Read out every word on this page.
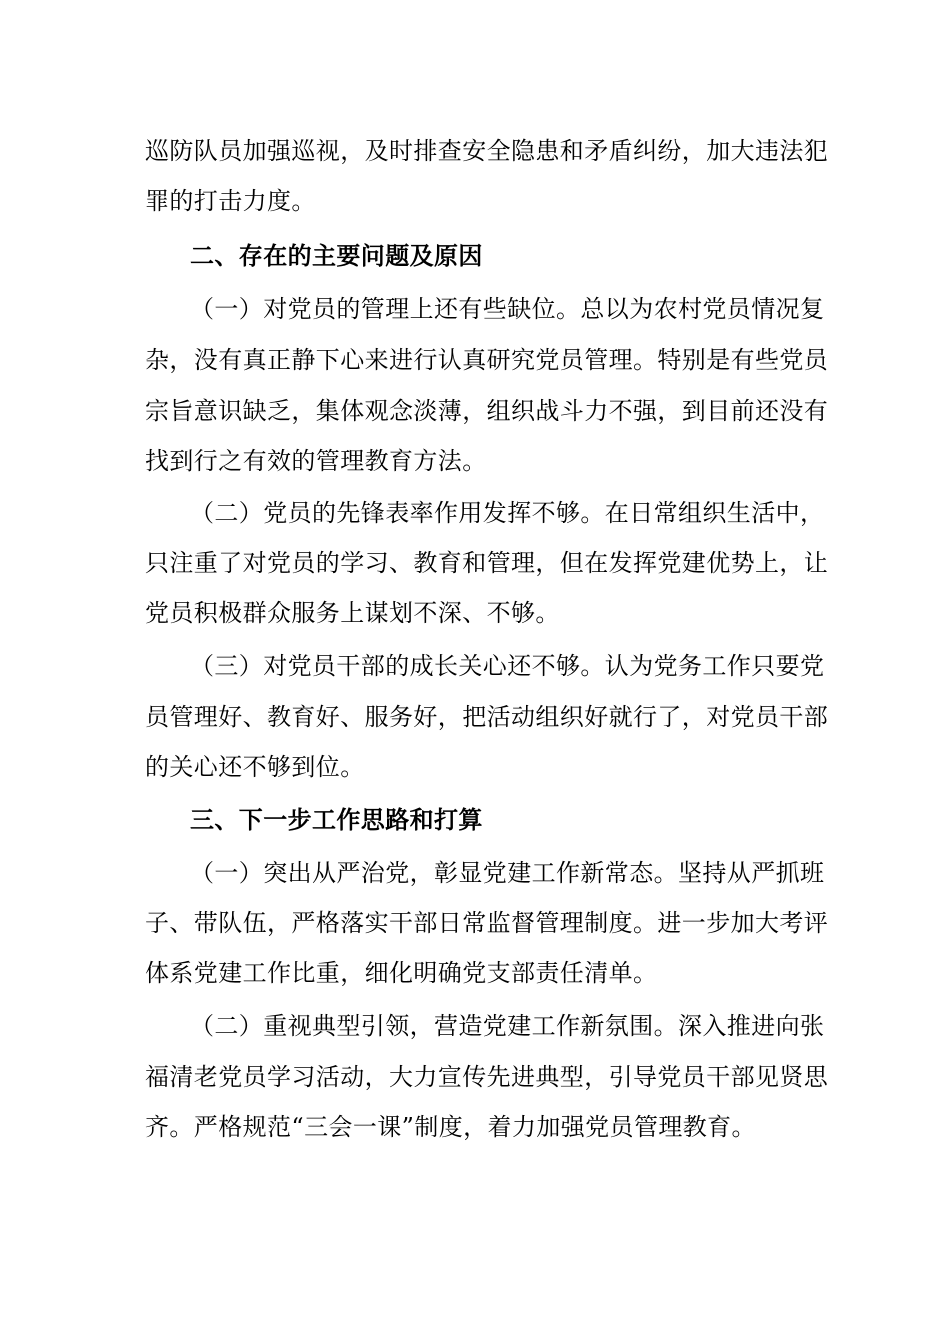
巡防队员加强巡视，及时排查安全隐患和矛盾纠纷，加大违法犯
罪的打击力度。
二、存在的主要问题及原因
（一）对党员的管理上还有些缺位。总以为农村党员情况复
杂，没有真正静下心来进行认真研究党员管理。特别是有些党员
宗旨意识缺乏，集体观念淡薄，组织战斗力不强，到目前还没有
找到行之有效的管理教育方法。
（二）党员的先锋表率作用发挥不够。在日常组织生活中，
只注重了对党员的学习、教育和管理，但在发挥党建优势上，让
党员积极群众服务上谋划不深、不够。
（三）对党员干部的成长关心还不够。认为党务工作只要党
员管理好、教育好、服务好，把活动组织好就行了，对党员干部
的关心还不够到位。
三、下一步工作思路和打算
（一）突出从严治党，彰显党建工作新常态。坚持从严抓班
子、带队伍，严格落实干部日常监督管理制度。进一步加大考评
体系党建工作比重，细化明确党支部责任清单。
（二）重视典型引领，营造党建工作新氛围。深入推进向张
福清老党员学习活动，大力宣传先进典型，引导党员干部见贤思
齐。严格规范“三会一课”制度，着力加强党员管理教育。
